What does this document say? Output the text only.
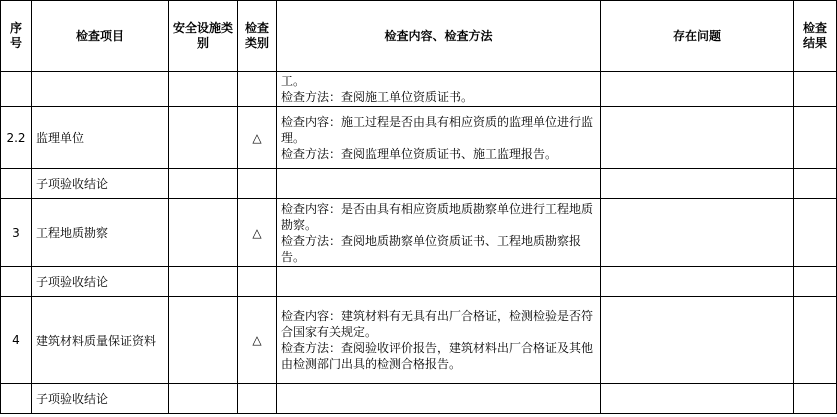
序号	检查项目	安全设施类别	检查类别	检查内容、检查方法	存在问题	检查结果

				工。
检查方法：查阅施工单位资质证书。		

2.2	监理单位		△	检查内容：施工过程是否由具有相应资质的监理单位进行监理。
检查方法：查阅监理单位资质证书、施工监理报告。		

	子项验收结论					
3	工程地质勘察		△	检查内容：是否由具有相应资质地质勘察单位进行工程地质勘察。
检查方法：查阅地质勘察单位资质证书、工程地质勘察报告。		

	子项验收结论					
4	建筑材料质量保证资料		△	检查内容：建筑材料有无具有出厂合格证，检测检验是否符合国家有关规定。
检查方法：查阅验收评价报告，建筑材料出厂合格证及其他由检测部门出具的检测合格报告。		

	子项验收结论					
